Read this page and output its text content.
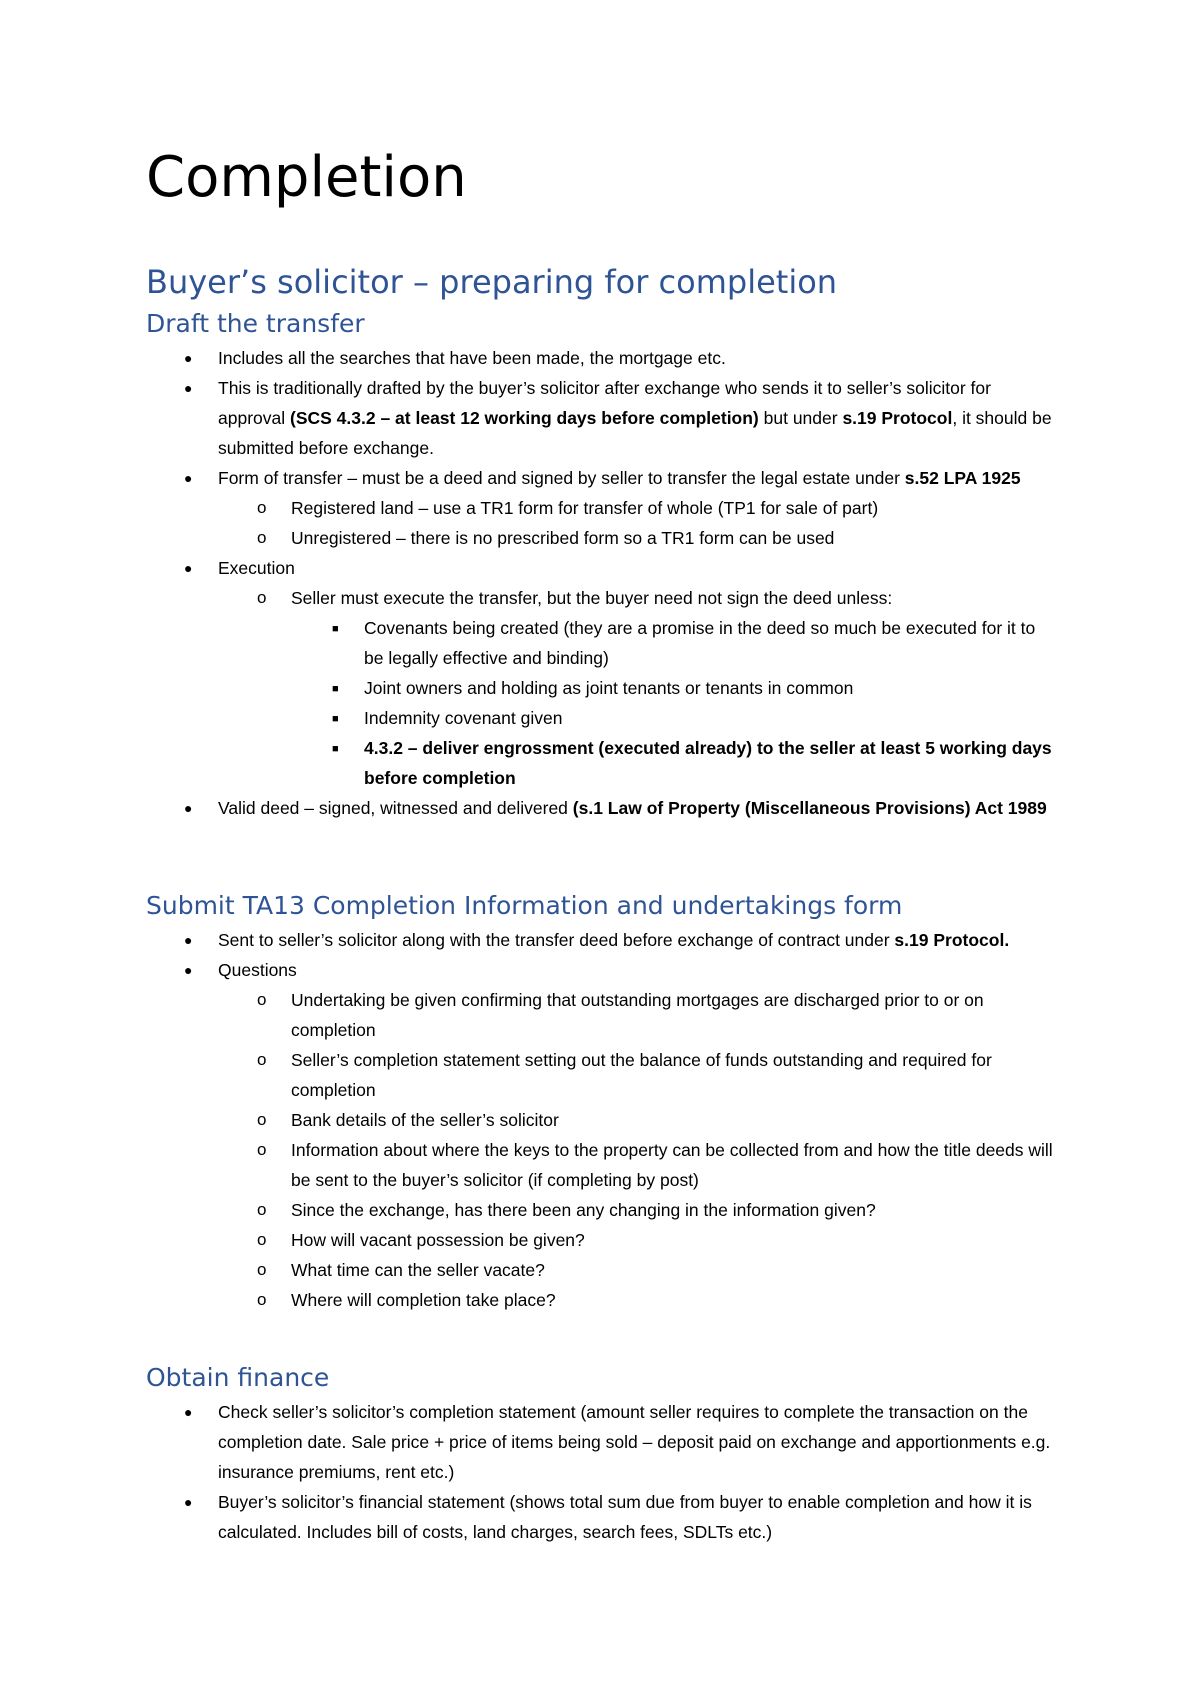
Completion
Buyer’s solicitor – preparing for completion
Draft the transfer
● Includes all the searches that have been made, the mortgage etc.
● This is traditionally drafted by the buyer’s solicitor after exchange who sends it to seller’s solicitor for approval (SCS 4.3.2 – at least 12 working days before completion) but under s.19 Protocol, it should be submitted before exchange.
● Form of transfer – must be a deed and signed by seller to transfer the legal estate under s.52 LPA 1925
o Registered land – use a TR1 form for transfer of whole (TP1 for sale of part)
o Unregistered – there is no prescribed form so a TR1 form can be used
● Execution
o Seller must execute the transfer, but the buyer need not sign the deed unless:
■ Covenants being created (they are a promise in the deed so much be executed for it to be legally effective and binding)
■ Joint owners and holding as joint tenants or tenants in common
■ Indemnity covenant given
■ 4.3.2 – deliver engrossment (executed already) to the seller at least 5 working days before completion
● Valid deed – signed, witnessed and delivered (s.1 Law of Property (Miscellaneous Provisions) Act 1989
Submit TA13 Completion Information and undertakings form
● Sent to seller’s solicitor along with the transfer deed before exchange of contract under s.19 Protocol.
● Questions
o Undertaking be given confirming that outstanding mortgages are discharged prior to or on completion
o Seller’s completion statement setting out the balance of funds outstanding and required for completion
o Bank details of the seller’s solicitor
o Information about where the keys to the property can be collected from and how the title deeds will be sent to the buyer’s solicitor (if completing by post)
o Since the exchange, has there been any changing in the information given?
o How will vacant possession be given?
o What time can the seller vacate?
o Where will completion take place?
Obtain finance
● Check seller’s solicitor’s completion statement (amount seller requires to complete the transaction on the completion date. Sale price + price of items being sold – deposit paid on exchange and apportionments e.g. insurance premiums, rent etc.)
● Buyer’s solicitor’s financial statement (shows total sum due from buyer to enable completion and how it is calculated. Includes bill of costs, land charges, search fees, SDLTs etc.)
